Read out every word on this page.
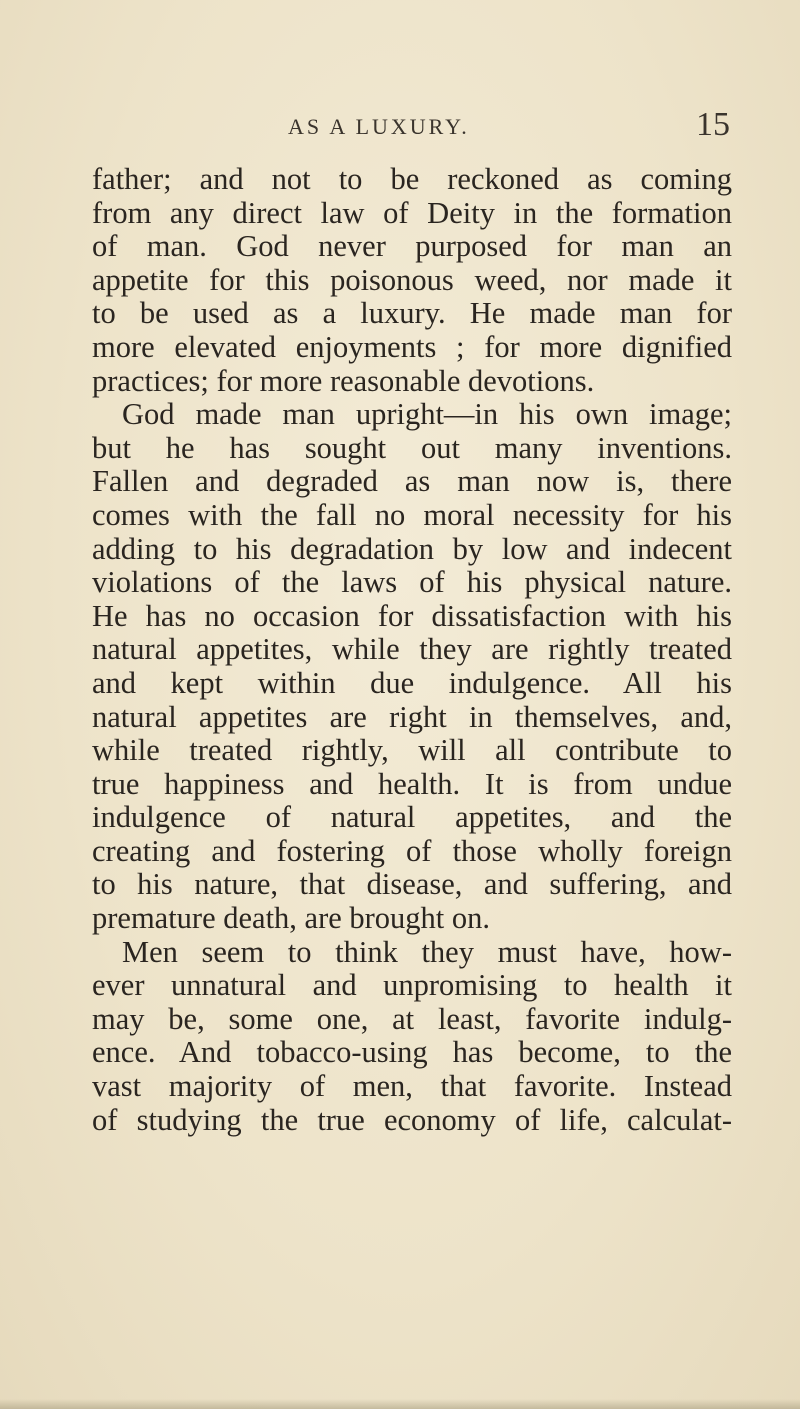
AS A LUXURY.	15
father; and not to be reckoned as coming
from any direct law of Deity in the formation
of man. God never purposed for man an
appetite for this poisonous weed, nor made it
to be used as a luxury. He made man for
more elevated enjoyments ; for more dignified
practices; for more reasonable devotions.
God made man upright—in his own image;
but he has sought out many inventions.
Fallen and degraded as man now is, there
comes with the fall no moral necessity for his
adding to his degradation by low and indecent
violations of the laws of his physical nature.
He has no occasion for dissatisfaction with his
natural appetites, while they are rightly treated
and kept within due indulgence. All his
natural appetites are right in themselves, and,
while treated rightly, will all contribute to
true happiness and health. It is from undue
indulgence of natural appetites, and the
creating and fostering of those wholly foreign
to his nature, that disease, and suffering, and
premature death, are brought on.
Men seem to think they must have, how-
ever unnatural and unpromising to health it
may be, some one, at least, favorite indulg-
ence. And tobacco-using has become, to the
vast majority of men, that favorite. Instead
of studying the true economy of life, calculat-
